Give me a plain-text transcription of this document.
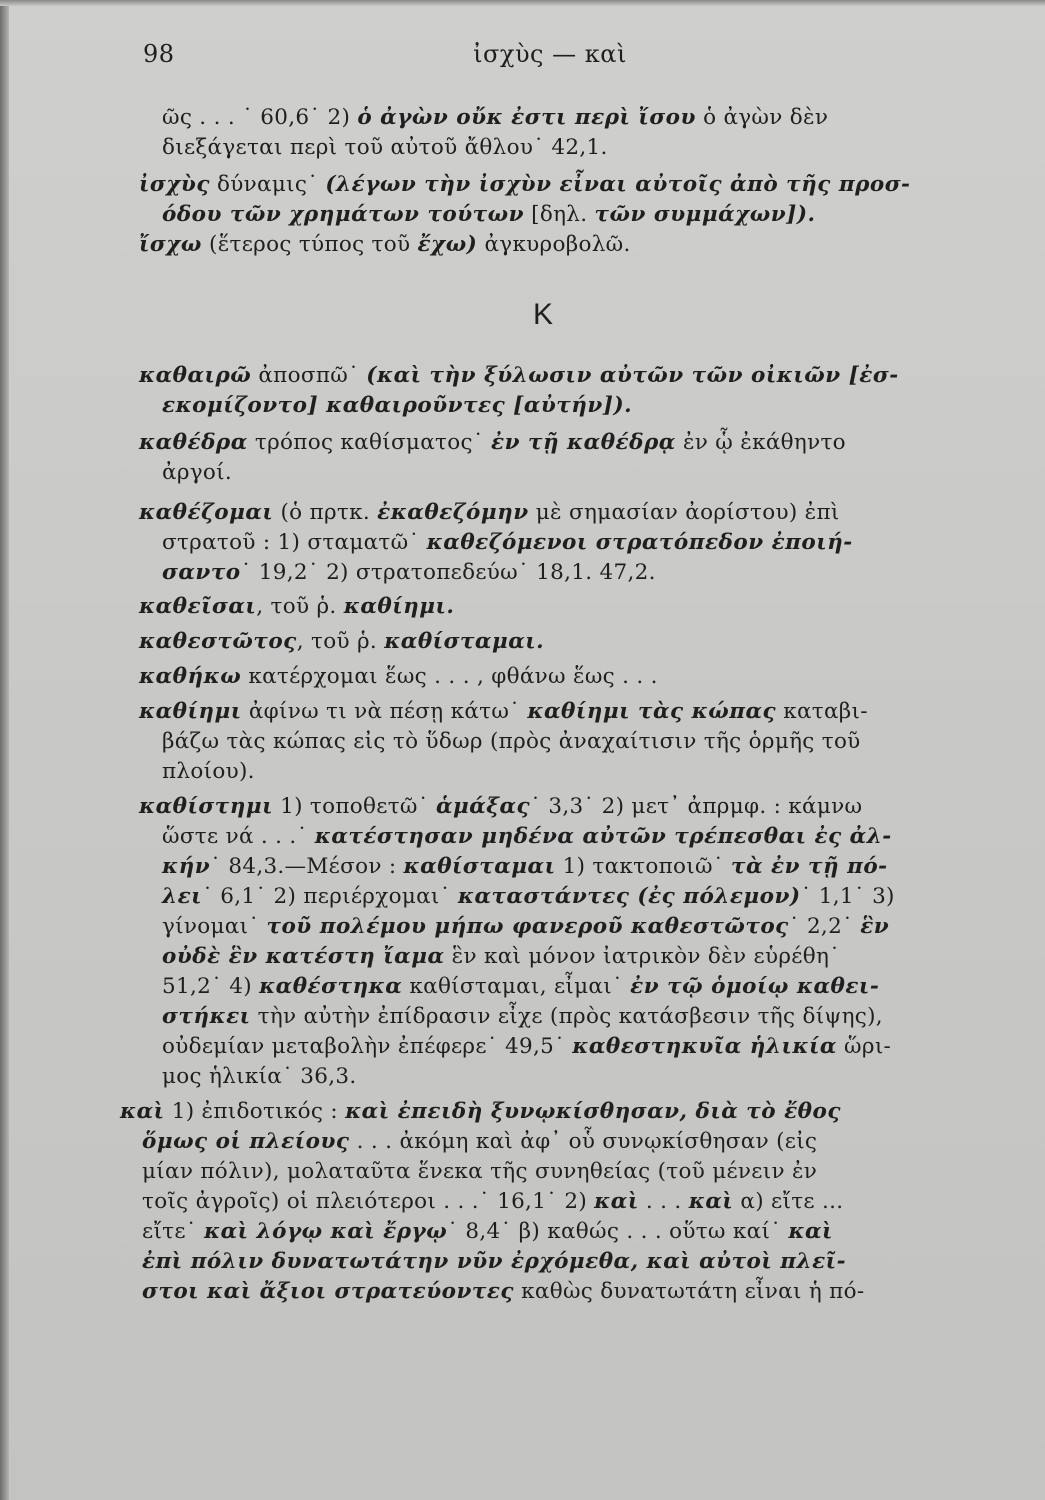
98	ἰσχὺς — καὶ
Κ
ῶς . . . ˙ 60,6˙ 2) ὁ ἀγὼν οὔκ ἐστι περὶ ἴσου ὁ ἀγὼν δὲν
διεξάγεται περὶ τοῦ αὐτοῦ ἄθλου˙ 42,1.
ἰσχὺς δύναμις˙ (λέγων τὴν ἰσχὺν εἶναι αὐτοῖς ἀπὸ τῆς προσ-
όδου τῶν χρημάτων τούτων [δηλ. τῶν συμμάχων]).
ἴσχω (ἕτερος τύπος τοῦ ἔχω) ἀγκυροβολῶ.
καθαιρῶ ἀποσπῶ˙ (καὶ τὴν ξύλωσιν αὐτῶν τῶν οἰκιῶν [ἐσ-
εκομίζοντο] καθαιροῦντες [αὐτήν]).
καθέδρα τρόπος καθίσματος˙ ἐν τῇ καθέδρᾳ ἐν ᾧ ἐκάθηντο
ἀργοί.
καθέζομαι (ὁ πρτκ. ἐκαθεζόμην μὲ σημασίαν ἀορίστου) ἐπὶ
στρατοῦ : 1) σταματῶ˙ καθεζόμενοι στρατόπεδον ἐποιή-
σαντο˙ 19,2˙ 2) στρατοπεδεύω˙ 18,1. 47,2.
καθεῖσαι, τοῦ ῥ. καθίημι.
καθεστῶτος, τοῦ ῥ. καθίσταμαι.
καθήκω κατέρχομαι ἕως . . . , φθάνω ἕως . . .
καθίημι ἀφίνω τι νὰ πέσῃ κάτω˙ καθίημι τὰς κώπας καταβι-
βάζω τὰς κώπας εἰς τὸ ὕδωρ (πρὸς ἀναχαίτισιν τῆς ὁρμῆς τοῦ
πλοίου).
καθίστημι 1) τοποθετῶ˙ ἁμάξας˙ 3,3˙ 2) μετ᾽ ἀπρμφ. : κάμνω
ὥστε νά . . .˙ κατέστησαν μηδένα αὐτῶν τρέπεσθαι ἐς ἀλ-
κήν˙ 84,3.—Μέσον : καθίσταμαι 1) τακτοποιῶ˙ τὰ ἐν τῇ πό-
λει˙ 6,1˙ 2) περιέρχομαι˙ καταστάντες (ἐς πόλεμον)˙ 1,1˙ 3)
γίνομαι˙ τοῦ πολέμου μήπω φανεροῦ καθεστῶτος˙ 2,2˙ ἓν
οὐδὲ ἓν κατέστη ἴαμα ἓν καὶ μόνον ἰατρικὸν δὲν εὑρέθη˙
51,2˙ 4) καθέστηκα καθίσταμαι, εἶμαι˙ ἐν τῷ ὁμοίῳ καθει-
στήκει τὴν αὐτὴν ἐπίδρασιν εἶχε (πρὸς κατάσβεσιν τῆς δίψης),
οὐδεμίαν μεταβολὴν ἐπέφερε˙ 49,5˙ καθεστηκυῖα ἡλικία ὥρι-
μος ἡλικία˙ 36,3.
καὶ 1) ἐπιδοτικός : καὶ ἐπειδὴ ξυνῳκίσθησαν, διὰ τὸ ἔθος
ὅμως οἱ πλείους . . . ἀκόμη καὶ ἀφ᾽ οὗ συνῳκίσθησαν (εἰς
μίαν πόλιν), μολαταῦτα ἕνεκα τῆς συνηθείας (τοῦ μένειν ἐν
τοῖς ἀγροῖς) οἱ πλειότεροι . . .˙ 16,1˙ 2) καὶ . . . καὶ α) εἴτε ...
εἴτε˙ καὶ λόγῳ καὶ ἔργῳ˙ 8,4˙ β) καθώς . . . οὕτω καί˙ καὶ
ἐπὶ πόλιν δυνατωτάτην νῦν ἐρχόμεθα, καὶ αὐτοὶ πλεῖ-
στοι καὶ ἄξιοι στρατεύοντες καθὼς δυνατωτάτη εἶναι ἡ πό-
